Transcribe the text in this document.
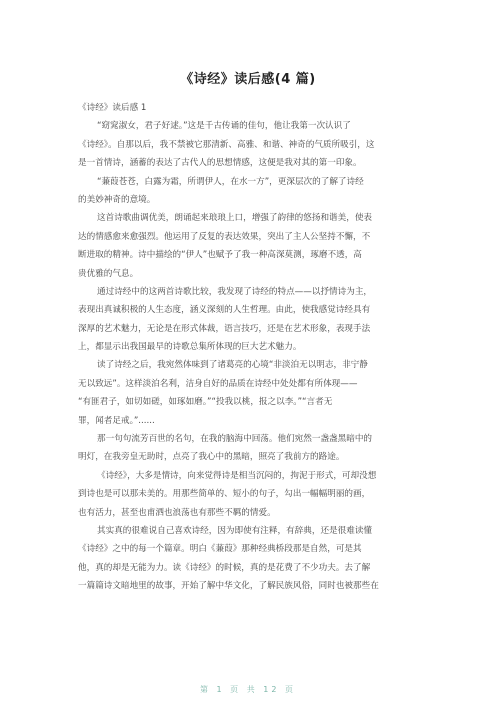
《诗经》读后感(4 篇)
《诗经》读后感 1
“窈窕淑女，君子好逑。”这是千古传诵的佳句，他让我第一次认识了
《诗经》。自那以后，我不禁被它那清新、高雅、和谐、神奇的气质所吸引，这
是一首情诗，涵蓄的表达了古代人的思想情感，这便是我对其的第一印象。
“蒹葭苍苍，白露为霜，所谓伊人，在水一方”，更深层次的了解了诗经
的美妙神奇的意境。
这首诗歌曲调优美，朗诵起来琅琅上口，增强了韵律的悠扬和谐美，使表
达的情感愈来愈强烈。他运用了反复的表达效果，突出了主人公坚持不懈，不
断进取的精神。诗中描绘的“伊人”也赋予了我一种高深莫测，琢磨不透，高
贵优雅的气息。
通过诗经中的这两首诗歌比较，我发现了诗经的特点——以抒情诗为主，
表现出真诚积极的人生态度，涵义深刻的人生哲理。由此，使我感觉诗经具有
深厚的艺术魅力，无论是在形式体裁，语言技巧，还是在艺术形象，表现手法
上，都显示出我国最早的诗歌总集所体现的巨大艺术魅力。
读了诗经之后，我宛然体味到了诸葛亮的心境“非淡泊无以明志，非宁静
无以致远”。这样淡泊名利，洁身自好的品质在诗经中处处都有所体现——
“有匪君子，如切如磋，如琢如磨。”“投我以桃，报之以李。”“言者无
罪，闻者足戒。”......
那一句句流芳百世的名句，在我的脑海中回荡。他们宛然一盏盏黑暗中的
明灯，在我旁皇无助时，点亮了我心中的黑暗，照亮了我前方的路途。
《诗经》，大多是情诗，向来觉得诗是相当沉闷的，拘泥于形式，可却没想
到诗也是可以那未美的。用那些简单的、短小的句子，勾出一幅幅明丽的画，
也有活力，甚至也甫洒也浪荡也有那些不羁的情爱。
其实真的很难说自己喜欢诗经，因为即使有注释，有辞典，还是很难读懂
《诗经》之中的每一个篇章。明白《蒹葭》那种经典桥段那是自然，可是其
他，真的却是无能为力。读《诗经》的时候，真的是花费了不少功夫。去了解
一篇篇诗文暗地里的故事，开始了解中华文化，了解民族风俗，同时也被那些在
第 1 页 共 12 页
